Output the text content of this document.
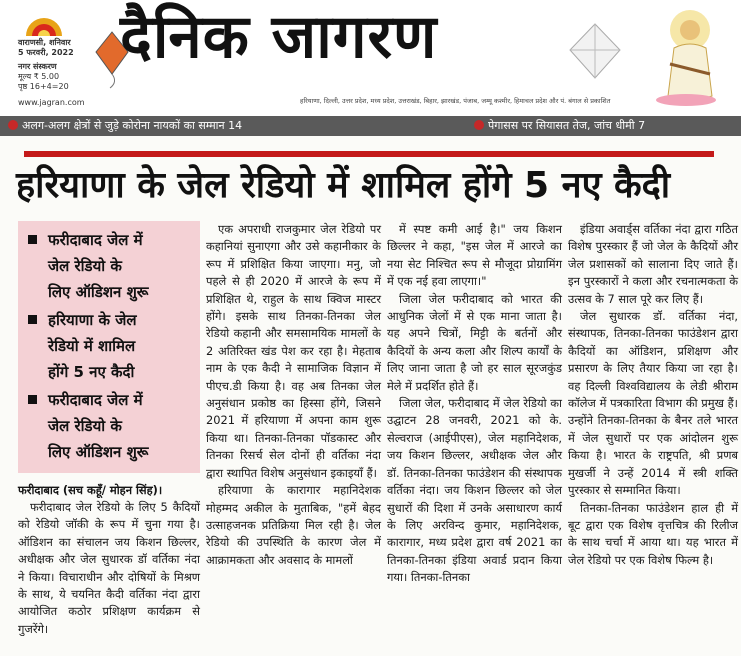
वाराणसी, शनिवार
5 फरवरी, 2022
नगर संस्करण
मूल्य ₹ 5.00
पृष्ठ 16+4=20
www.jagran.com
दैनिक जागरण
हरियाणा, दिल्ली, उत्तर प्रदेश, मध्य प्रदेश, उत्तराखंड, बिहार, झारखंड, पंजाब, जम्मू कश्मीर, हिमाचल प्रदेश और पं. बंगाल से प्रकाशित
अलग-अलग क्षेत्रों से जुड़े कोरोना नायकों का सम्मान 14	पेगासस पर सियासत तेज, जांच धीमी 7
हरियाणा के जेल रेडियो में शामिल होंगे 5 नए कैदी
फरीदाबाद जेल में
जेल रेडियो के
लिए ऑडिशन शुरू
हरियाणा के जेल
रेडियो में शामिल
होंगे 5 नए कैदी
फरीदाबाद जेल में
जेल रेडियो के
लिए ऑडिशन शुरू
फरीदाबाद (सच कहूँ/ मोहन सिंह)।

फरीदाबाद जेल रेडियो के लिए 5 कैदियों को रेडियो जॉकी के रूप में चुना गया है। ऑडिशन का संचालन जय किशन छिल्लर, अधीक्षक और जेल सुधारक डॉ वर्तिका नंदा ने किया। विचाराधीन और दोषियों के मिश्रण के साथ, ये चयनित कैदी वर्तिका नंदा द्वारा आयोजित कठोर प्रशिक्षण कार्यक्रम से गुजरेंगे।

एक अपराधी राजकुमार जेल रेडियो पर कहानियां सुनाएगा और उसे कहानीकार के रूप में प्रशिक्षित किया जाएगा। मनु, जो पहले से ही 2020 में आरजे के रूप में प्रशिक्षित थे, राहुल के साथ क्विज मास्टर होंगे। इसके साथ तिनका-तिनका जेल रेडियो कहानी और समसामयिक मामलों के 2 अतिरिक्त खंड पेश कर रहा है। मेहताब नाम के एक कैदी ने सामाजिक विज्ञान में पीएच.डी किया है। वह अब तिनका जेल अनुसंधान प्रकोष्ठ का हिस्सा होंगे, जिसने 2021 में हरियाणा में अपना काम शुरू किया था। तिनका-तिनका पॉडकास्ट और तिनका रिसर्च सेल दोनों ही वर्तिका नंदा द्वारा स्थापित विशेष अनुसंधान इकाइयाँ हैं।

हरियाणा के कारागार महानिदेशक मोहम्मद अकील के मुताबिक, "हमें बेहद उत्साहजनक प्रतिक्रिया मिल रही है। जेल रेडियो की उपस्थिति के कारण जेल में आक्रामकता और अवसाद के मामलों

में स्पष्ट कमी आई है।" जय किशन छिल्लर ने कहा, "इस जेल में आरजे का नया सेट निश्चित रूप से मौजूदा प्रोग्रामिंग में एक नई हवा लाएगा।"

जिला जेल फरीदाबाद को भारत की आधुनिक जेलों में से एक माना जाता है। यह अपने चित्रों, मिट्टी के बर्तनों और कैदियों के अन्य कला और शिल्प कार्यों के लिए जाना जाता है जो हर साल सूरजकुंड मेले में प्रदर्शित होते हैं।

जिला जेल, फरीदाबाद में जेल रेडियो का उद्घाटन 28 जनवरी, 2021 को के. सेल्वराज (आईपीएस), जेल महानिदेशक, जय किशन छिल्लर, अधीक्षक जेल और डॉ. तिनका-तिनका फाउंडेशन की संस्थापक वर्तिका नंदा। जय किशन छिल्लर को जेल सुधारों की दिशा में उनके असाधारण कार्य के लिए अरविन्द कुमार, महानिदेशक, कारागार, मध्य प्रदेश द्वारा वर्ष 2021 का तिनका-तिनका इंडिया अवार्ड प्रदान किया गया। तिनका-तिनका

इंडिया अवार्ड्स वर्तिका नंदा द्वारा गठित विशेष पुरस्कार हैं जो जेल के कैदियों और जेल प्रशासकों को सालाना दिए जाते हैं। इन पुरस्कारों ने कला और रचनात्मकता के उत्सव के 7 साल पूरे कर लिए हैं।

जेल सुधारक डॉ. वर्तिका नंदा, संस्थापक, तिनका-तिनका फाउंडेशन द्वारा कैदियों का ऑडिशन, प्रशिक्षण और प्रसारण के लिए तैयार किया जा रहा है। वह दिल्ली विश्वविद्यालय के लेडी श्रीराम कॉलेज में पत्रकारिता विभाग की प्रमुख हैं। उन्होंने तिनका-तिनका के बैनर तले भारत में जेल सुधारों पर एक आंदोलन शुरू किया है। भारत के राष्ट्रपति, श्री प्रणब मुखर्जी ने उन्हें 2014 में स्त्री शक्ति पुरस्कार से सम्मानित किया।

तिनका-तिनका फाउंडेशन हाल ही में बूट द्वारा एक विशेष वृत्तचित्र की रिलीज के साथ चर्चा में आया था। यह भारत में जेल रेडियो पर एक विशेष फिल्म है।
